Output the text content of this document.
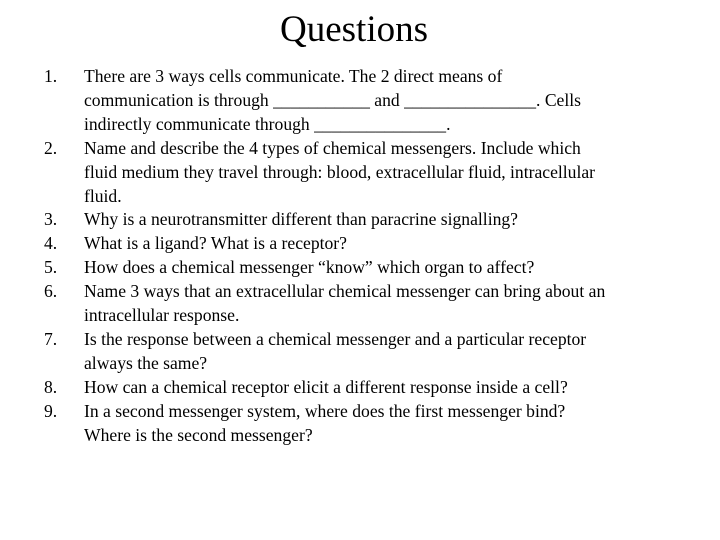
Questions
1.	There are 3 ways cells communicate. The 2 direct means of
communication is through ___________ and _______________. Cells
indirectly communicate through _______________.
2.	Name and describe the 4 types of chemical messengers. Include which
fluid medium they travel through: blood, extracellular fluid, intracellular
fluid.
3.	Why is a neurotransmitter different than paracrine signalling?
4.	What is a ligand? What is a receptor?
5.	How does a chemical messenger “know” which organ to affect?
6.	Name 3 ways that an extracellular chemical messenger can bring about an
intracellular response.
7.	Is the response between a chemical messenger and a particular receptor
always the same?
8.	How can a chemical receptor elicit a different response inside a cell?
9.	In a second messenger system, where does the first messenger bind?
Where is the second messenger?
